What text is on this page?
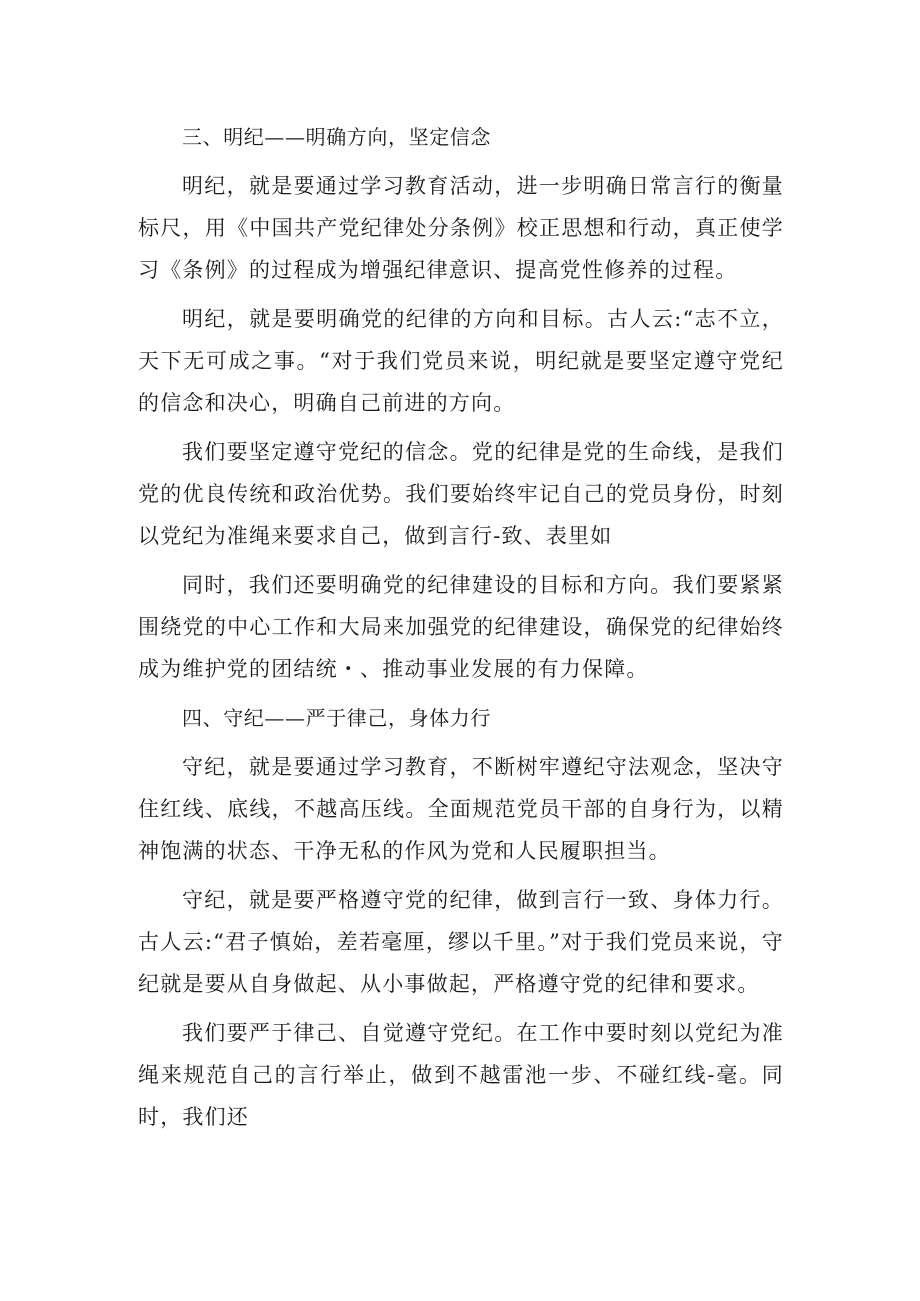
三、明纪——明确方向，坚定信念

明纪，就是要通过学习教育活动，进一步明确日常言行的衡量标尺，用《中国共产党纪律处分条例》校正思想和行动，真正使学习《条例》的过程成为增强纪律意识、提高党性修养的过程。

明纪，就是要明确党的纪律的方向和目标。古人云:“志不立，天下无可成之事。“对于我们党员来说，明纪就是要坚定遵守党纪的信念和决心，明确自己前进的方向。

我们要坚定遵守党纪的信念。党的纪律是党的生命线，是我们党的优良传统和政治优势。我们要始终牢记自己的党员身份，时刻以党纪为准绳来要求自己，做到言行-致、表里如

同时，我们还要明确党的纪律建设的目标和方向。我们要紧紧围绕党的中心工作和大局来加强党的纪律建设，确保党的纪律始终成为维护党的团结统・、推动事业发展的有力保障。

四、守纪——严于律己，身体力行

守纪，就是要通过学习教育，不断树牢遵纪守法观念，坚决守住红线、底线，不越高压线。全面规范党员干部的自身行为，以精神饱满的状态、干净无私的作风为党和人民履职担当。

守纪，就是要严格遵守党的纪律，做到言行一致、身体力行。古人云:“君子慎始，差若毫厘，缪以千里。”对于我们党员来说，守纪就是要从自身做起、从小事做起，严格遵守党的纪律和要求。

我们要严于律己、自觉遵守党纪。在工作中要时刻以党纪为准绳来规范自己的言行举止，做到不越雷池一步、不碰红线-毫。同时，我们还
